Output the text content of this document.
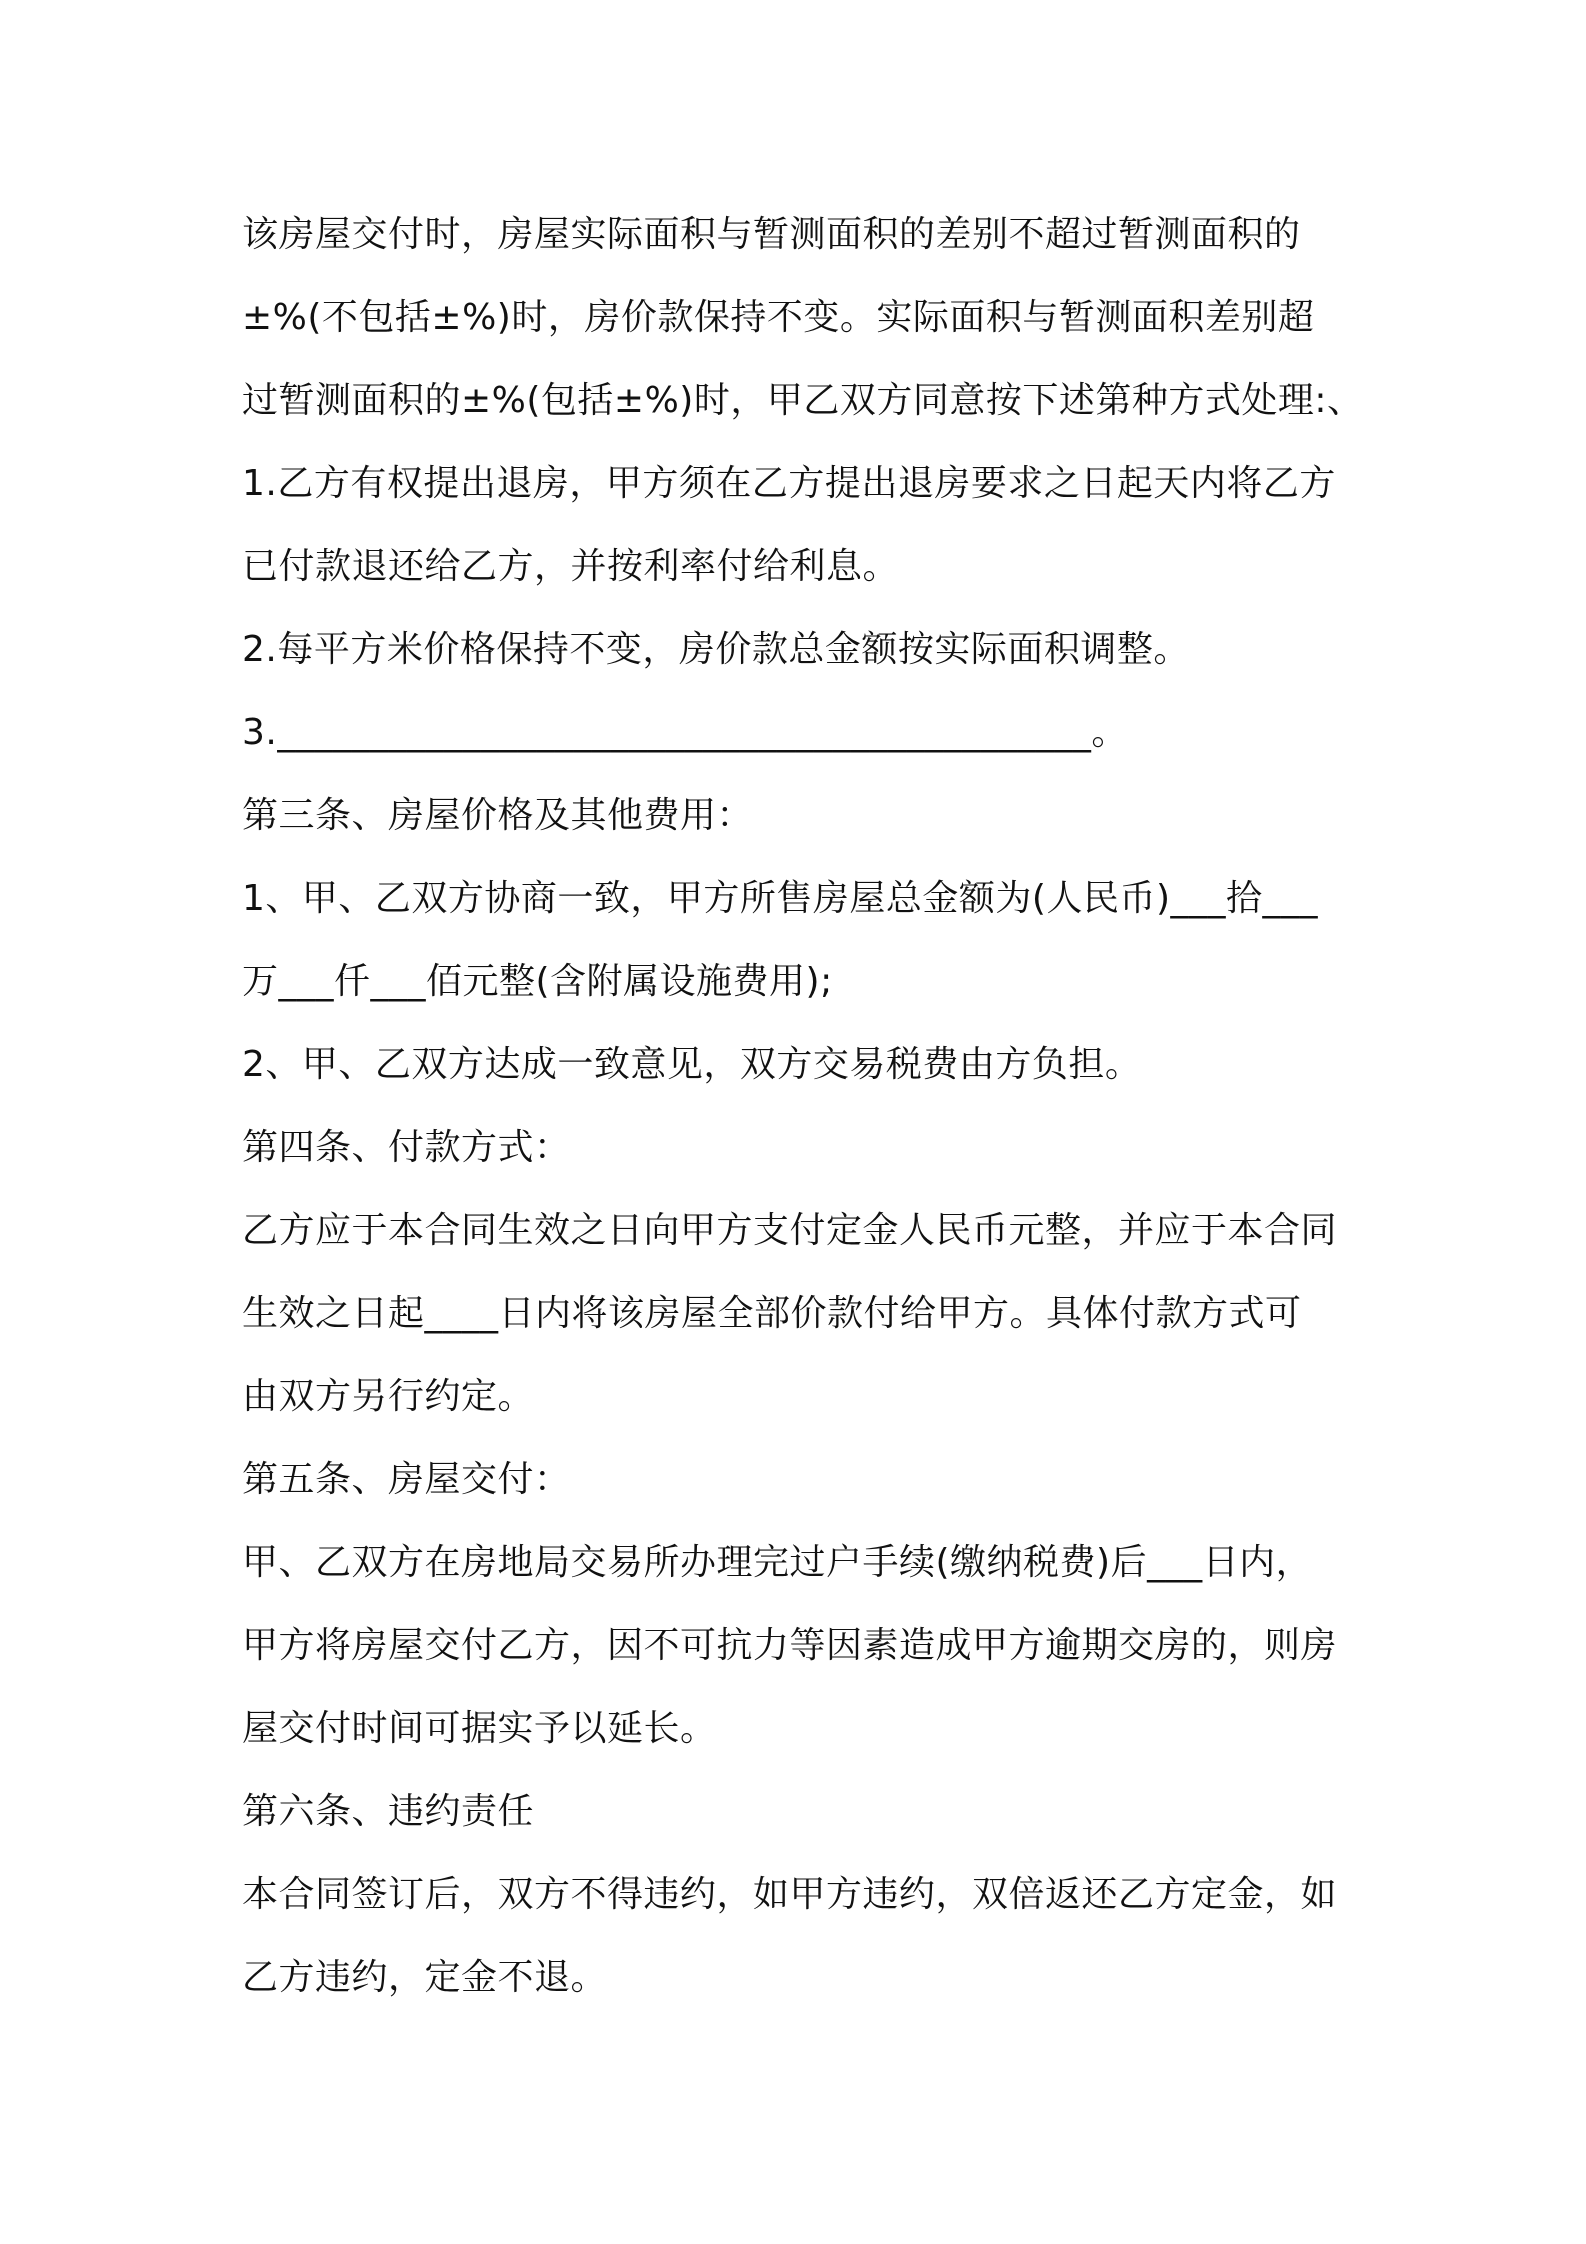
该房屋交付时，房屋实际面积与暂测面积的差别不超过暂测面积的
±%(不包括±%)时，房价款保持不变。实际面积与暂测面积差别超
过暂测面积的±%(包括±%)时，甲乙双方同意按下述第种方式处理:、
1.乙方有权提出退房，甲方须在乙方提出退房要求之日起天内将乙方
已付款退还给乙方，并按利率付给利息。
2.每平方米价格保持不变，房价款总金额按实际面积调整。
3.____________________________________________。
第三条、房屋价格及其他费用：
1、甲、乙双方协商一致，甲方所售房屋总金额为(人民币)___拾___
万___仟___佰元整(含附属设施费用);
2、甲、乙双方达成一致意见，双方交易税费由方负担。
第四条、付款方式：
乙方应于本合同生效之日向甲方支付定金人民币元整，并应于本合同
生效之日起____日内将该房屋全部价款付给甲方。具体付款方式可
由双方另行约定。
第五条、房屋交付：
甲、乙双方在房地局交易所办理完过户手续(缴纳税费)后___日内，
甲方将房屋交付乙方，因不可抗力等因素造成甲方逾期交房的，则房
屋交付时间可据实予以延长。
第六条、违约责任
本合同签订后，双方不得违约，如甲方违约，双倍返还乙方定金，如
乙方违约，定金不退。
